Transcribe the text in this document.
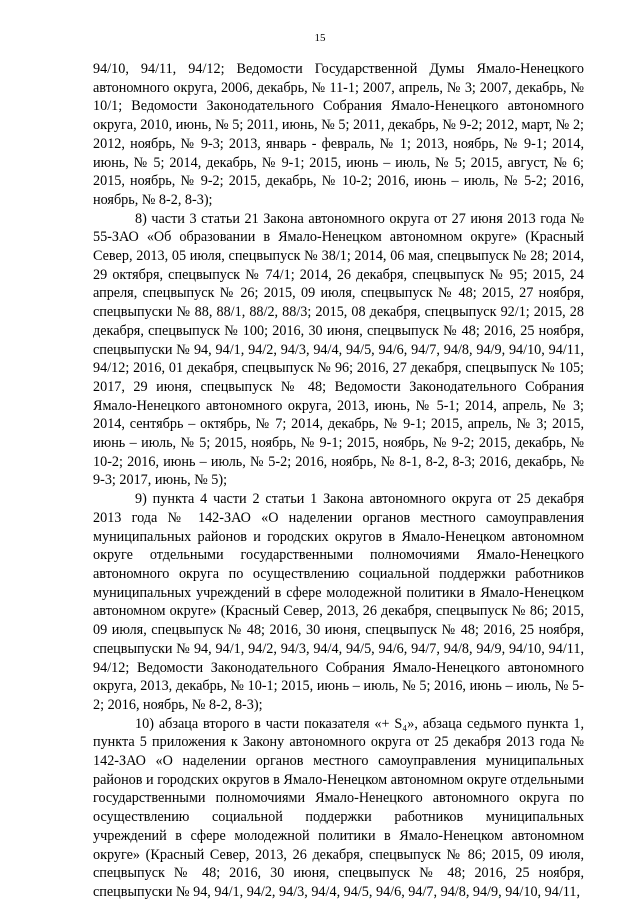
15

94/10, 94/11, 94/12; Ведомости Государственной Думы Ямало-Ненецкого автономного округа, 2006, декабрь, № 11-1; 2007, апрель, № 3; 2007, декабрь, № 10/1; Ведомости Законодательного Собрания Ямало-Ненецкого автономного округа, 2010, июнь, № 5; 2011, июнь, № 5; 2011, декабрь, № 9-2; 2012, март, № 2; 2012, ноябрь, № 9-3; 2013, январь - февраль, № 1; 2013, ноябрь, № 9-1; 2014, июнь, № 5; 2014, декабрь, № 9-1; 2015, июнь – июль, № 5; 2015, август, № 6; 2015, ноябрь, № 9-2; 2015, декабрь, № 10-2; 2016, июнь – июль, № 5-2; 2016, ноябрь, № 8-2, 8-3);

8) части 3 статьи 21 Закона автономного округа от 27 июня 2013 года № 55-ЗАО «Об образовании в Ямало-Ненецком автономном округе» (Красный Север, 2013, 05 июля, спецвыпуск № 38/1; 2014, 06 мая, спецвыпуск № 28; 2014, 29 октября, спецвыпуск № 74/1; 2014, 26 декабря, спецвыпуск № 95; 2015, 24 апреля, спецвыпуск № 26; 2015, 09 июля, спецвыпуск № 48; 2015, 27 ноября, спецвыпуски № 88, 88/1, 88/2, 88/3; 2015, 08 декабря, спецвыпуск 92/1; 2015, 28 декабря, спецвыпуск № 100; 2016, 30 июня, спецвыпуск № 48; 2016, 25 ноября, спецвыпуски № 94, 94/1, 94/2, 94/3, 94/4, 94/5, 94/6, 94/7, 94/8, 94/9, 94/10, 94/11, 94/12; 2016, 01 декабря, спецвыпуск № 96; 2016, 27 декабря, спецвыпуск № 105; 2017, 29 июня, спецвыпуск № 48; Ведомости Законодательного Собрания Ямало-Ненецкого автономного округа, 2013, июнь, № 5-1; 2014, апрель, № 3; 2014, сентябрь – октябрь, № 7; 2014, декабрь, № 9-1; 2015, апрель, № 3; 2015, июнь – июль, № 5; 2015, ноябрь, № 9-1; 2015, ноябрь, № 9-2; 2015, декабрь, № 10-2; 2016, июнь – июль, № 5-2; 2016, ноябрь, № 8-1, 8-2, 8-3; 2016, декабрь, № 9-3; 2017, июнь, № 5);

9) пункта 4 части 2 статьи 1 Закона автономного округа от 25 декабря 2013 года № 142-ЗАО «О наделении органов местного самоуправления муниципальных районов и городских округов в Ямало-Ненецком автономном округе отдельными государственными полномочиями Ямало-Ненецкого автономного округа по осуществлению социальной поддержки работников муниципальных учреждений в сфере молодежной политики в Ямало-Ненецком автономном округе» (Красный Север, 2013, 26 декабря, спецвыпуск № 86; 2015, 09 июля, спецвыпуск № 48; 2016, 30 июня, спецвыпуск № 48; 2016, 25 ноября, спецвыпуски № 94, 94/1, 94/2, 94/3, 94/4, 94/5, 94/6, 94/7, 94/8, 94/9, 94/10, 94/11, 94/12; Ведомости Законодательного Собрания Ямало-Ненецкого автономного округа, 2013, декабрь, № 10-1; 2015, июнь – июль, № 5; 2016, июнь – июль, № 5-2; 2016, ноябрь, № 8-2, 8-3);

10) абзаца второго в части показателя «+ S₄», абзаца седьмого пункта 1, пункта 5 приложения к Закону автономного округа от 25 декабря 2013 года № 142-ЗАО «О наделении органов местного самоуправления муниципальных районов и городских округов в Ямало-Ненецком автономном округе отдельными государственными полномочиями Ямало-Ненецкого автономного округа по осуществлению социальной поддержки работников муниципальных учреждений в сфере молодежной политики в Ямало-Ненецком автономном округе» (Красный Север, 2013, 26 декабря, спецвыпуск № 86; 2015, 09 июля, спецвыпуск № 48; 2016, 30 июня, спецвыпуск № 48; 2016, 25 ноября, спецвыпуски № 94, 94/1, 94/2, 94/3, 94/4, 94/5, 94/6, 94/7, 94/8, 94/9, 94/10, 94/11,
